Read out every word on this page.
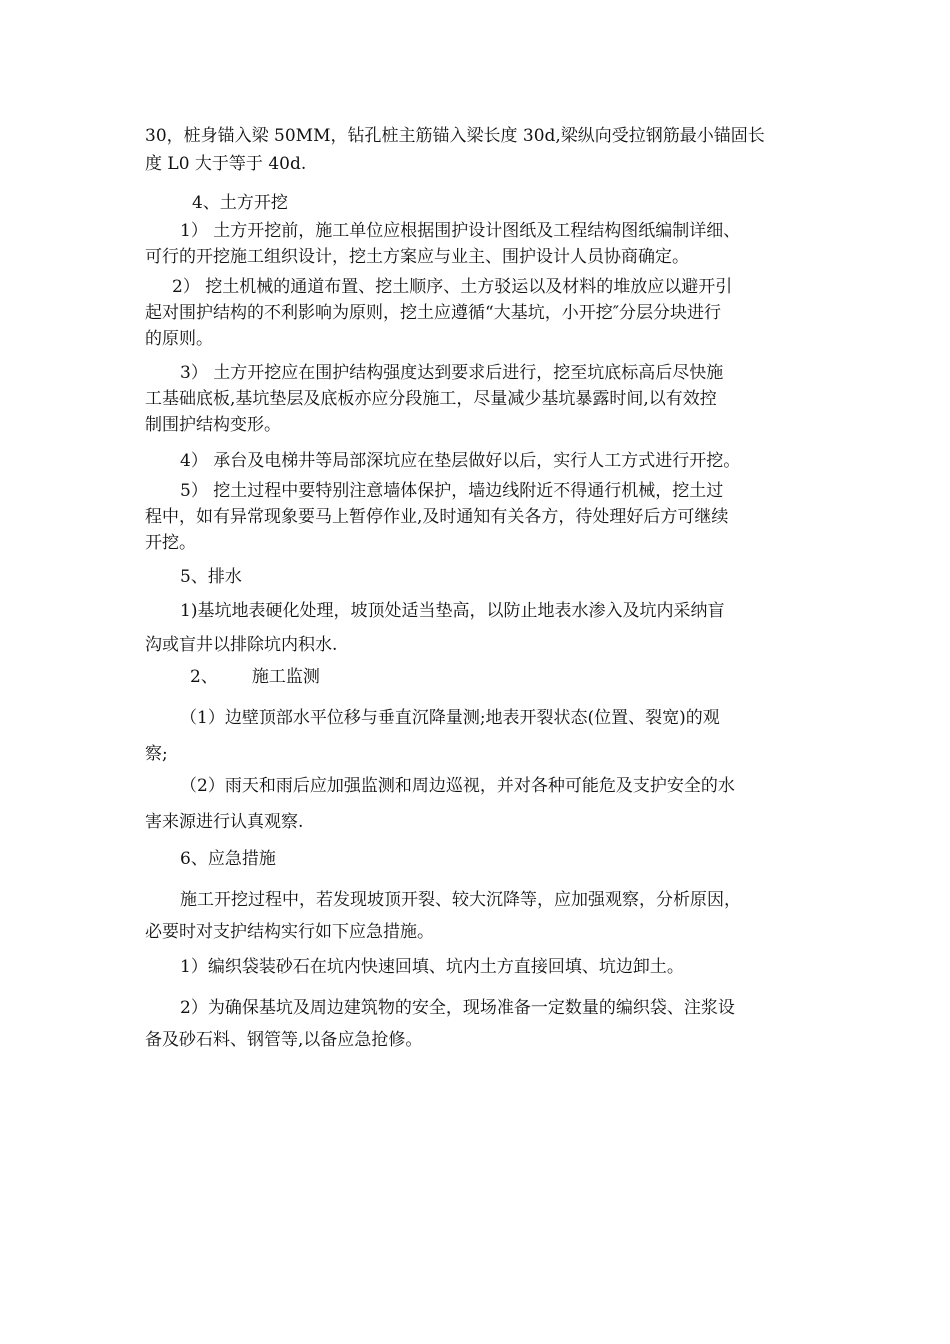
30，桩身锚入梁 50MM，钻孔桩主筋锚入梁长度 30d,梁纵向受拉钢筋最小锚固长
度 L0 大于等于 40d.

4、土方开挖

1） 土方开挖前，施工单位应根据围护设计图纸及工程结构图纸编制详细、
可行的开挖施工组织设计，挖土方案应与业主、围护设计人员协商确定。

2） 挖土机械的通道布置、挖土顺序、土方驳运以及材料的堆放应以避开引
起对围护结构的不利影响为原则，挖土应遵循“大基坑，小开挖″分层分块进行
的原则。

3） 土方开挖应在围护结构强度达到要求后进行，挖至坑底标高后尽快施
工基础底板,基坑垫层及底板亦应分段施工，尽量减少基坑暴露时间,以有效控
制围护结构变形。

4） 承台及电梯井等局部深坑应在垫层做好以后，实行人工方式进行开挖。

5） 挖土过程中要特别注意墙体保护，墙边线附近不得通行机械，挖土过
程中，如有异常现象要马上暂停作业,及时通知有关各方，待处理好后方可继续
开挖。

5、排水

1)基坑地表硬化处理，坡顶处适当垫高，以防止地表水渗入及坑内采纳盲
沟或盲井以排除坑内积水.

2、 施工监测

（1）边壁顶部水平位移与垂直沉降量测;地表开裂状态(位置、裂宽)的观
察;

（2）雨天和雨后应加强监测和周边巡视，并对各种可能危及支护安全的水
害来源进行认真观察.

6、应急措施

施工开挖过程中，若发现坡顶开裂、较大沉降等，应加强观察，分析原因，
必要时对支护结构实行如下应急措施。

1）编织袋装砂石在坑内快速回填、坑内土方直接回填、坑边卸土。

2）为确保基坑及周边建筑物的安全，现场准备一定数量的编织袋、注浆设
备及砂石料、钢管等,以备应急抢修。
